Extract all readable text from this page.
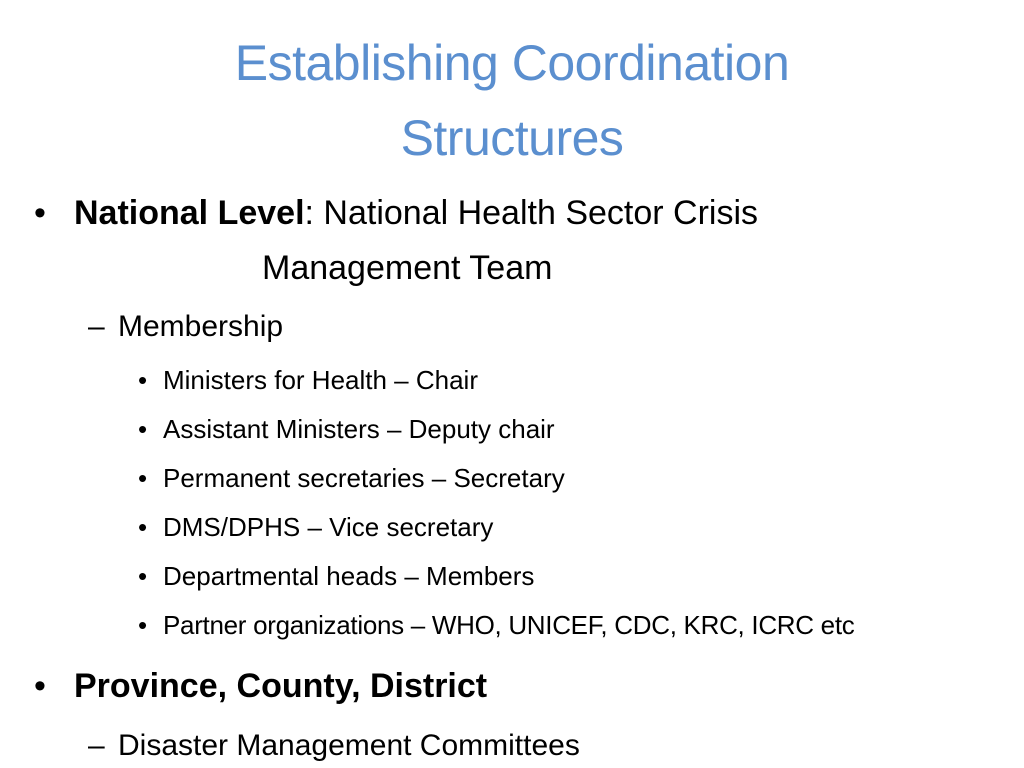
Establishing Coordination
Structures
• National Level: National Health Sector Crisis
Management Team
– Membership
• Ministers for Health – Chair
• Assistant Ministers – Deputy chair
• Permanent secretaries – Secretary
• DMS/DPHS – Vice secretary
• Departmental heads – Members
• Partner organizations – WHO, UNICEF, CDC, KRC, ICRC etc
• Province, County, District
– Disaster Management Committees
